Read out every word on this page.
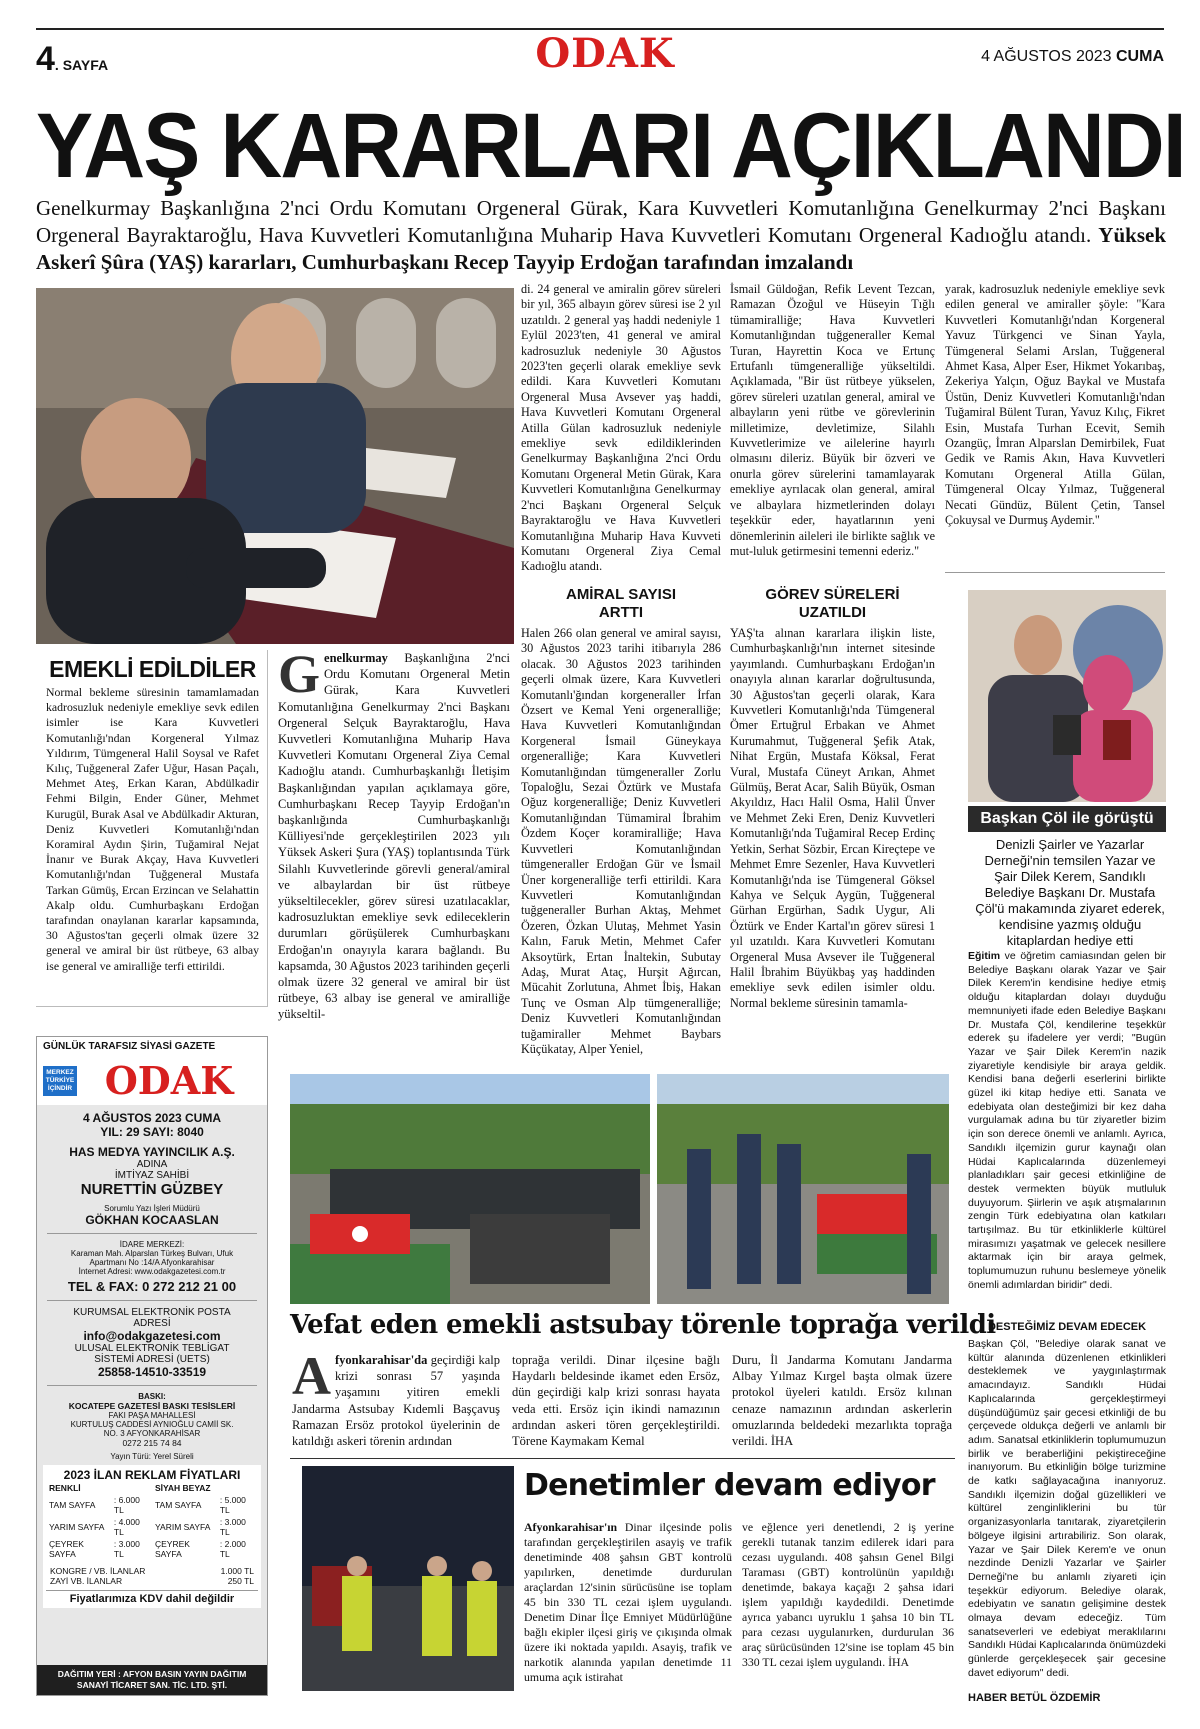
4. SAYFA	ODAK	4 AĞUSTOS 2023 CUMA
YAŞ KARARLARI AÇIKLANDI
Genelkurmay Başkanlığına 2'nci Ordu Komutanı Orgeneral Gürak, Kara Kuvvetleri Komutanlığına Genelkurmay 2'nci Başkanı Orgeneral Bayraktaroğlu, Hava Kuvvetleri Komutanlığına Muharip Hava Kuvvetleri Komutanı Orgeneral Kadıoğlu atandı. Yüksek Askerî Şûra (YAŞ) kararları, Cumhurbaşkanı Recep Tayyip Erdoğan tarafından imzalandı
EMEKLİ EDİLDİLER
Normal bekleme süresinin tamamlamadan kadrosuzluk nedeniyle emekliye sevk edilen isimler ise Kara Kuvvetleri Komutanlığı'ndan Korgeneral Yılmaz Yıldırım, Tümgeneral Halil Soysal ve Rafet Kılıç, Tuğgeneral Zafer Uğur, Hasan Paçalı, Mehmet Ateş, Erkan Karan, Abdülkadir Fehmi Bilgin, Ender Güner, Mehmet Kurugül, Burak Asal ve Abdülkadir Akturan, Deniz Kuvvetleri Komutanlığı'ndan Koramiral Aydın Şirin, Tuğamiral Nejat İnanır ve Burak Akçay, Hava Kuvvetleri Komutanlığı'ndan Tuğgeneral Mustafa Tarkan Gümüş, Ercan Erzincan ve Selahattin Akalp oldu. Cumhurbaşkanı Erdoğan tarafından onaylanan kararlar kapsamında, 30 Ağustos'tan geçerli olmak üzere 32 general ve amiral bir üst rütbeye, 63 albay ise general ve amiralliğe terfi ettirildi.
Genelkurmay Başkanlığına 2'nci Ordu Komutanı Orgeneral Metin Gürak, Kara Kuvvetleri Komutanlığına Genelkurmay 2'nci Başkanı Orgeneral Selçuk Bayraktaroğlu, Hava Kuvvetleri Komutanlığına Muharip Hava Kuvvetleri Komutanı Orgeneral Ziya Cemal Kadıoğlu atandı. Cumhurbaşkanlığı İletişim Başkanlığından yapılan açıklamaya göre, Cumhurbaşkanı Recep Tayyip Erdoğan'ın başkanlığında Cumhurbaşkanlığı Külliyesi'nde gerçekleştirilen 2023 yılı Yüksek Askeri Şura (YAŞ) toplantısında Türk Silahlı Kuvvetlerinde görevli general/amiral ve albaylardan bir üst rütbeye yükseltilecekler, görev süresi uzatılacaklar, kadrosuzluktan emekliye sevk edileceklerin durumları görüşülerek Cumhurbaşkanı Erdoğan'ın onayıyla karara bağlandı. Bu kapsamda, 30 Ağustos 2023 tarihinden geçerli olmak üzere 32 general ve amiral bir üst rütbeye, 63 albay ise general ve amiralliğe yükseltil-
di. 24 general ve amiralin görev süreleri bir yıl, 365 albayın görev süresi ise 2 yıl uzatıldı. 2 general yaş haddi nedeniyle 1 Eylül 2023'ten, 41 general ve amiral kadrosuzluk nedeniyle 30 Ağustos 2023'ten geçerli olarak emekliye sevk edildi. Kara Kuvvetleri Komutanı Orgeneral Musa Avsever yaş haddi, Hava Kuvvetleri Komutanı Orgeneral Atilla Gülan kadrosuzluk nedeniyle emekliye sevk edildiklerinden Genelkurmay Başkanlığına 2'nci Ordu Komutanı Orgeneral Metin Gürak, Kara Kuvvetleri Komutanlığına Genelkurmay 2'nci Başkanı Orgeneral Selçuk Bayraktaroğlu ve Hava Kuvvetleri Komutanlığına Muharip Hava Kuvveti Komutanı Orgeneral Ziya Cemal Kadıoğlu atandı.
AMİRAL SAYISI ARTTI
Halen 266 olan general ve amiral sayısı, 30 Ağustos 2023 tarihi itibarıyla 286 olacak. 30 Ağustos 2023 tarihinden geçerli olmak üzere, Kara Kuvvetleri Komutanlı'ğından korgeneraller İrfan Özsert ve Kemal Yeni orgeneralliğe; Hava Kuvvetleri Komutanlığından Korgeneral İsmail Güneykaya orgeneralliğe; Kara Kuvvetleri Komutanlığından tümgeneraller Zorlu Topaloğlu, Sezai Öztürk ve Mustafa Oğuz korgeneralliğe; Deniz Kuvvetleri Komutanlığından Tümamiral İbrahim Özdem Koçer koramiralliğe; Hava Kuvvetleri Komutanlığından tümgeneraller Erdoğan Gür ve İsmail Üner korgeneralliğe terfi ettirildi. Kara Kuvvetleri Komutanlığından tuğgeneraller Burhan Aktaş, Mehmet Özeren, Özkan Ulutaş, Mehmet Yasin Kalın, Faruk Metin, Mehmet Cafer Aksoytürk, Ertan İnaltekin, Subutay Adaş, Murat Ataç, Hurşit Ağırcan, Mücahit Zorlutuna, Ahmet İbiş, Hakan Tunç ve Osman Alp tümgeneralliğe; Deniz Kuvvetleri Komutanlığından tuğamiraller Mehmet Baybars Küçükatay, Alper Yeniel,
İsmail Güldoğan, Refik Levent Tezcan, Ramazan Özoğul ve Hüseyin Tığlı tümamiralliğe; Hava Kuvvetleri Komutanlığından tuğgeneraller Kemal Turan, Hayrettin Koca ve Ertunç Ertufanlı tümgeneralliğe yükseltildi. Açıklamada, "Bir üst rütbeye yükselen, görev süreleri uzatılan general, amiral ve albayların yeni rütbe ve görevlerinin milletimize, devletimize, Silahlı Kuvvetlerimize ve ailelerine hayırlı olmasını dileriz. Büyük bir özveri ve onurla görev sürelerini tamamlayarak emekliye ayrılacak olan general, amiral ve albaylara hizmetlerinden dolayı teşekkür eder, hayatlarının yeni dönemlerinin aileleri ile birlikte sağlık ve mut-luluk getirmesini temenni ederiz."
GÖREV SÜRELERİ UZATILDI
YAŞ'ta alınan kararlara ilişkin liste, Cumhurbaşkanlığı'nın internet sitesinde yayımlandı. Cumhurbaşkanı Erdoğan'ın onayıyla alınan kararlar doğrultusunda, 30 Ağustos'tan geçerli olarak, Kara Kuvvetleri Komutanlığı'nda Tümgeneral Ömer Ertuğrul Erbakan ve Ahmet Kurumahmut, Tuğgeneral Şefik Atak, Nihat Ergün, Mustafa Köksal, Ferat Vural, Mustafa Cüneyt Arıkan, Ahmet Gülmüş, Berat Acar, Salih Büyük, Osman Akyıldız, Hacı Halil Osma, Halil Ünver ve Mehmet Zeki Eren, Deniz Kuvvetleri Komutanlığı'nda Tuğamiral Recep Erdinç Yetkin, Serhat Sözbir, Ercan Kireçtepe ve Mehmet Emre Sezenler, Hava Kuvvetleri Komutanlığı'nda ise Tümgeneral Göksel Kahya ve Selçuk Aygün, Tuğgeneral Gürhan Ergürhan, Sadık Uygur, Ali Öztürk ve Ender Kartal'ın görev süresi 1 yıl uzatıldı. Kara Kuvvetleri Komutanı Orgeneral Musa Avsever ile Tuğgeneral Halil İbrahim Büyükbaş yaş haddinden emekliye sevk edilen isimler oldu. Normal bekleme süresinin tamamla-
yarak, kadrosuzluk nedeniyle emekliye sevk edilen general ve amiraller şöyle: "Kara Kuvvetleri Komutanlığı'ndan Korgeneral Yavuz Türkgenci ve Sinan Yayla, Tümgeneral Selami Arslan, Tuğgeneral Ahmet Kasa, Alper Eser, Hikmet Yokarıbaş, Zekeriya Yalçın, Oğuz Baykal ve Mustafa Üstün, Deniz Kuvvetleri Komutanlığı'ndan Tuğamiral Bülent Turan, Yavuz Kılıç, Fikret Esin, Mustafa Turhan Ecevit, Semih Ozangüç, İmran Alparslan Demirbilek, Fuat Gedik ve Ramis Akın, Hava Kuvvetleri Komutanı Orgeneral Atilla Gülan, Tümgeneral Olcay Yılmaz, Tuğgeneral Necati Gündüz, Bülent Çetin, Tansel Çokuysal ve Durmuş Aydemir."
Başkan Çöl ile görüştü
Denizli Şairler ve Yazarlar Derneği'nin temsilen Yazar ve Şair Dilek Kerem, Sandıklı Belediye Başkanı Dr. Mustafa Çöl'ü makamında ziyaret ederek, kendisine yazmış olduğu kitaplardan hediye etti
Eğitim ve öğretim camiasından gelen bir Belediye Başkanı olarak Yazar ve Şair Dilek Kerem'in kendisine hediye etmiş olduğu kitaplardan dolayı duyduğu memnuniyeti ifade eden Belediye Başkanı Dr. Mustafa Çöl, kendilerine teşekkür ederek şu ifadelere yer verdi; "Bugün Yazar ve Şair Dilek Kerem'in nazik ziyaretiyle kendisiyle bir araya geldik. Kendisi bana değerli eserlerini birlikte güzel iki kitap hediye etti. Sanata ve edebiyata olan desteğimizi bir kez daha vurgulamak adına bu tür ziyaretler bizim için son derece önemli ve anlamlı. Ayrıca, Sandıklı ilçemizin gurur kaynağı olan Hüdai Kaplıcalarında düzenlemeyi planladıkları şair gecesi etkinliğine de destek vermekten büyük mutluluk duyuyorum. Şiirlerin ve aşık atışmalarının zengin Türk edebiyatına olan katkıları tartışılmaz. Bu tür etkinliklerle kültürel mirasımızı yaşatmak ve gelecek nesillere aktarmak için bir araya gelmek, toplumumuzun ruhunu beslemeye yönelik önemli adımlardan biridir" dedi.
DESTEĞİMİZ DEVAM EDECEK
Başkan Çöl, "Belediye olarak sanat ve kültür alanında düzenlenen etkinlikleri desteklemek ve yaygınlaştırmak amacındayız. Sandıklı Hüdai Kaplıcalarında gerçekleştirmeyi düşündüğümüz şair gecesi etkinliği de bu çerçevede oldukça değerli ve anlamlı bir adım. Sanatsal etkinliklerin toplumumuzun birlik ve beraberliğini pekiştireceğine inanıyorum. Bu etkinliğin bölge turizmine de katkı sağlayacağına inanıyoruz. Sandıklı ilçemizin doğal güzellikleri ve kültürel zenginliklerini bu tür organizasyonlarla tanıtarak, ziyaretçilerin bölgeye ilgisini artırabiliriz. Son olarak, Yazar ve Şair Dilek Kerem'e ve onun nezdinde Denizli Yazarlar ve Şairler Derneği'ne bu anlamlı ziyareti için teşekkür ediyorum. Belediye olarak, edebiyatın ve sanatın gelişimine destek olmaya devam edeceğiz. Tüm sanatseverleri ve edebiyat meraklılarını Sandıklı Hüdai Kaplıcalarında önümüzdeki günlerde gerçekleşecek şair gecesine davet ediyorum" dedi.
HABER BETÜL ÖZDEMİR
GÜNLÜK TARAFSIZ SİYASİ GAZETE
MERKEZ TÜRKİYE İÇİNDİR ODAK
4 AĞUSTOS 2023 CUMA
YIL: 29 SAYI: 8040
HAS MEDYA YAYINCILIK A.Ş.
ADINA
İMTİYAZ SAHİBİ
NURETTİN GÜZBEY
Sorumlu Yazı İşleri Müdürü
GÖKHAN KOCAASLAN
İDARE MERKEZİ:
Karaman Mah. Alparslan Türkeş Bulvarı, Ufuk Apartmanı No :14/A Afyonkarahisar
İnternet Adresi: www.odakgazetesi.com.tr
TEL & FAX: 0 272 212 21 00
KURUMSAL ELEKTRONİK POSTA ADRESİ
info@odakgazetesi.com
ULUSAL ELEKTRONİK TEBLİGAT SİSTEMİ ADRESİ (UETS)
25858-14510-33519
BASKI:
KOCATEPE GAZETESİ BASKI TESİSLERİ
FAKI PAŞA MAHALLESİ
KURTULUŞ CADDESİ AYNIOĞLU CAMİİ SK.
NO. 3 AFYONKARAHİSAR
0272 215 74 84
Yayın Türü: Yerel Süreli
2023 İLAN REKLAM FİYATLARI
RENKLİ		SİYAH BEYAZ	
TAM SAYFA	: 6.000 TL	TAM SAYFA	: 5.000 TL
YARIM SAYFA	: 4.000 TL	YARIM SAYFA	: 3.000 TL
ÇEYREK SAYFA	: 3.000 TL	ÇEYREK SAYFA	: 2.000 TL
KONGRE / VB. İLANLAR	1.000 TL
ZAYİ VB. İLANLAR	250 TL
Fiyatlarımıza KDV dahil değildir
DAĞITIM YERİ : AFYON BASIN YAYIN DAĞITIM SANAYİ TİCARET SAN. TİC. LTD. ŞTİ.
Vefat eden emekli astsubay törenle toprağa verildi
Afyonkarahisar'da geçirdiği kalp krizi sonrası 57 yaşında yaşamını yitiren emekli Jandarma Astsubay Kıdemli Başçavuş Ramazan Ersöz protokol üyelerinin de katıldığı askeri törenin ardından
toprağa verildi. Dinar ilçesine bağlı Haydarlı beldesinde ikamet eden Ersöz, dün geçirdiği kalp krizi sonrası hayata veda etti. Ersöz için ikindi namazının ardından askeri tören gerçekleştirildi. Törene Kaymakam Kemal
Duru, İl Jandarma Komutanı Jandarma Albay Yılmaz Kırgel başta olmak üzere protokol üyeleri katıldı. Ersöz kılınan cenaze namazının ardından askerlerin omuzlarında beldedeki mezarlıkta toprağa verildi. İHA
Denetimler devam ediyor
Afyonkarahisar'ın Dinar ilçesinde polis tarafından gerçekleştirilen asayiş ve trafik denetiminde 408 şahsın GBT kontrolü yapılırken, denetimde durdurulan araçlardan 12'sinin sürücüsüne ise toplam 45 bin 330 TL cezai işlem uygulandı. Denetim Dinar İlçe Emniyet Müdürlüğüne bağlı ekipler ilçesi giriş ve çıkışında olmak üzere iki noktada yapıldı. Asayiş, trafik ve narkotik alanında yapılan denetimde 11 umuma açık istirahat
ve eğlence yeri denetlendi, 2 iş yerine gerekli tutanak tanzim edilerek idari para cezası uygulandı. 408 şahsın Genel Bilgi Taraması (GBT) kontrolünün yapıldığı denetimde, bakaya kaçağı 2 şahsa idari işlem yapıldığı kaydedildi. Denetimde ayrıca yabancı uyruklu 1 şahsa 10 bin TL para cezası uygulanırken, durdurulan 36 araç sürücüsünden 12'sine ise toplam 45 bin 330 TL cezai işlem uygulandı. İHA
